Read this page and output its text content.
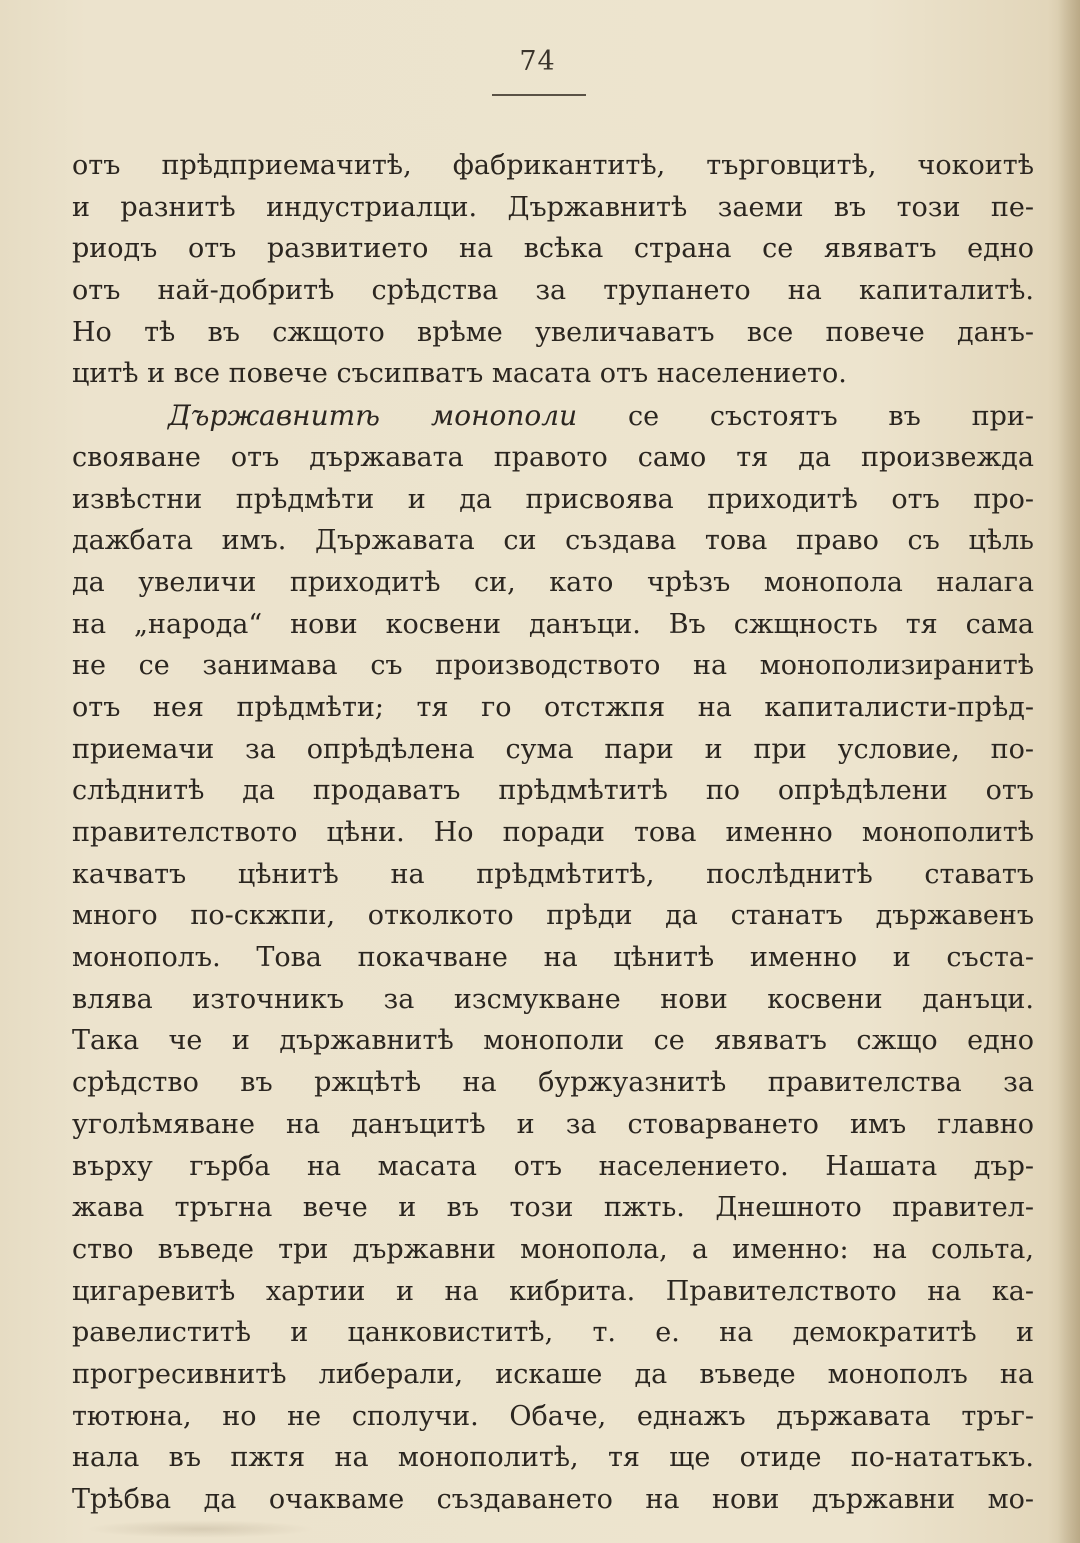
74
отъ прѣдприемачитѣ, фабрикантитѣ, търговцитѣ, чокоитѣ
и разнитѣ индустриалци. Държавнитѣ заеми въ този пе-
риодъ отъ развитието на всѣка страна се явяватъ едно
отъ най-добритѣ срѣдства за трупането на капиталитѣ.
Но тѣ въ сжщото врѣме увеличаватъ все повече данъ-
цитѣ и все повече съсипватъ масата отъ населението.
Държавнитѣ монополи се състоятъ въ при-
свояване отъ държавата правото само тя да произвежда
извѣстни прѣдмѣти и да присвоява приходитѣ отъ про-
дажбата имъ. Държавата си създава това право съ цѣль
да увеличи приходитѣ си, като чрѣзъ монопола налага
на „народа“ нови косвени данъци. Въ сжщность тя сама
не се занимава съ производството на монополизиранитѣ
отъ нея прѣдмѣти; тя го отстжпя на капиталисти-прѣд-
приемачи за опрѣдѣлена сума пари и при условие, по-
слѣднитѣ да продаватъ прѣдмѣтитѣ по опрѣдѣлени отъ
правителството цѣни. Но поради това именно монополитѣ
качватъ цѣнитѣ на прѣдмѣтитѣ, послѣднитѣ ставатъ
много по-скжпи, отколкото прѣди да станатъ държавенъ
монополъ. Това покачване на цѣнитѣ именно и съста-
влява източникъ за изсмукване нови косвени данъци.
Така че и държавнитѣ монополи се явяватъ сжщо едно
срѣдство въ ржцѣтѣ на буржуазнитѣ правителства за
уголѣмяване на данъцитѣ и за стоварването имъ главно
върху гърба на масата отъ населението. Нашата дър-
жава тръгна вече и въ този пжть. Днешното правител-
ство въведе три държавни монопола, а именно: на сольта,
цигаревитѣ хартии и на кибрита. Правителството на ка-
равелиститѣ и цанковиститѣ, т. е. на демократитѣ и
прогресивнитѣ либерали, искаше да въведе монополъ на
тютюна, но не сполучи. Обаче, еднажъ държавата тръг-
нала въ пжтя на монополитѣ, тя ще отиде по-нататъкъ.
Трѣбва да очакваме създаването на нови държавни мо-
